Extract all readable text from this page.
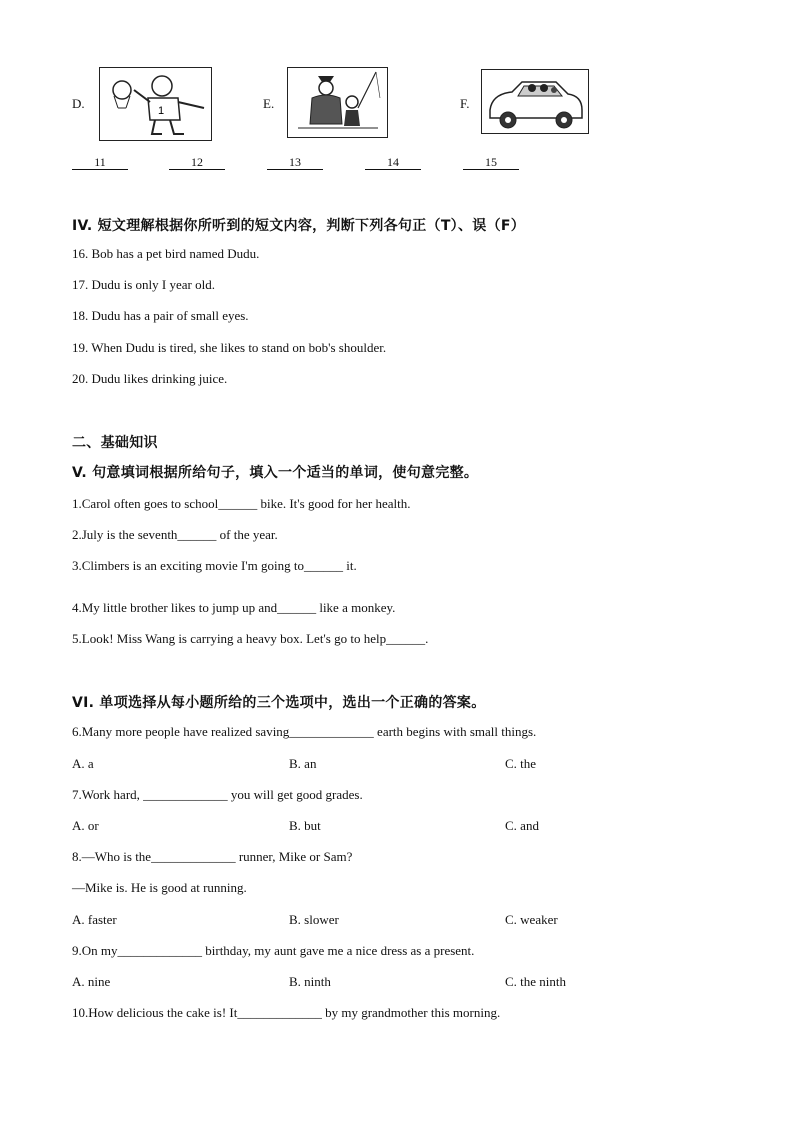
D.	1	E.	F.
11	12	13	14	15
IV. 短文理解根据你所听到的短文内容，判断下列各句正（T）、误（F）
16. Bob has a pet bird named Dudu.
17. Dudu is only I year old.
18. Dudu has a pair of small eyes.
19. When Dudu is tired, she likes to stand on bob's shoulder.
20. Dudu likes drinking juice.
二、基础知识
V. 句意填词根据所给句子，填入一个适当的单词，使句意完整。
1.Carol often goes to school______ bike. It's good for her health.
2.July is the seventh______ of the year.
3.Climbers is an exciting movie I'm going to______ it.
4.My little brother likes to jump up and______ like a monkey.
5.Look! Miss Wang is carrying a heavy box. Let's go to help______.
VI. 单项选择从每小题所给的三个选项中，选出一个正确的答案。
6.Many more people have realized saving_____________ earth begins with small things.
A. a	B. an	C. the
7.Work hard, _____________ you will get good grades.
A. or	B. but	C. and
8.—Who is the_____________ runner, Mike or Sam?
—Mike is. He is good at running.
A. faster	B. slower	C. weaker
9.On my_____________ birthday, my aunt gave me a nice dress as a present.
A. nine	B. ninth	C. the ninth
10.How delicious the cake is! It_____________ by my grandmother this morning.
